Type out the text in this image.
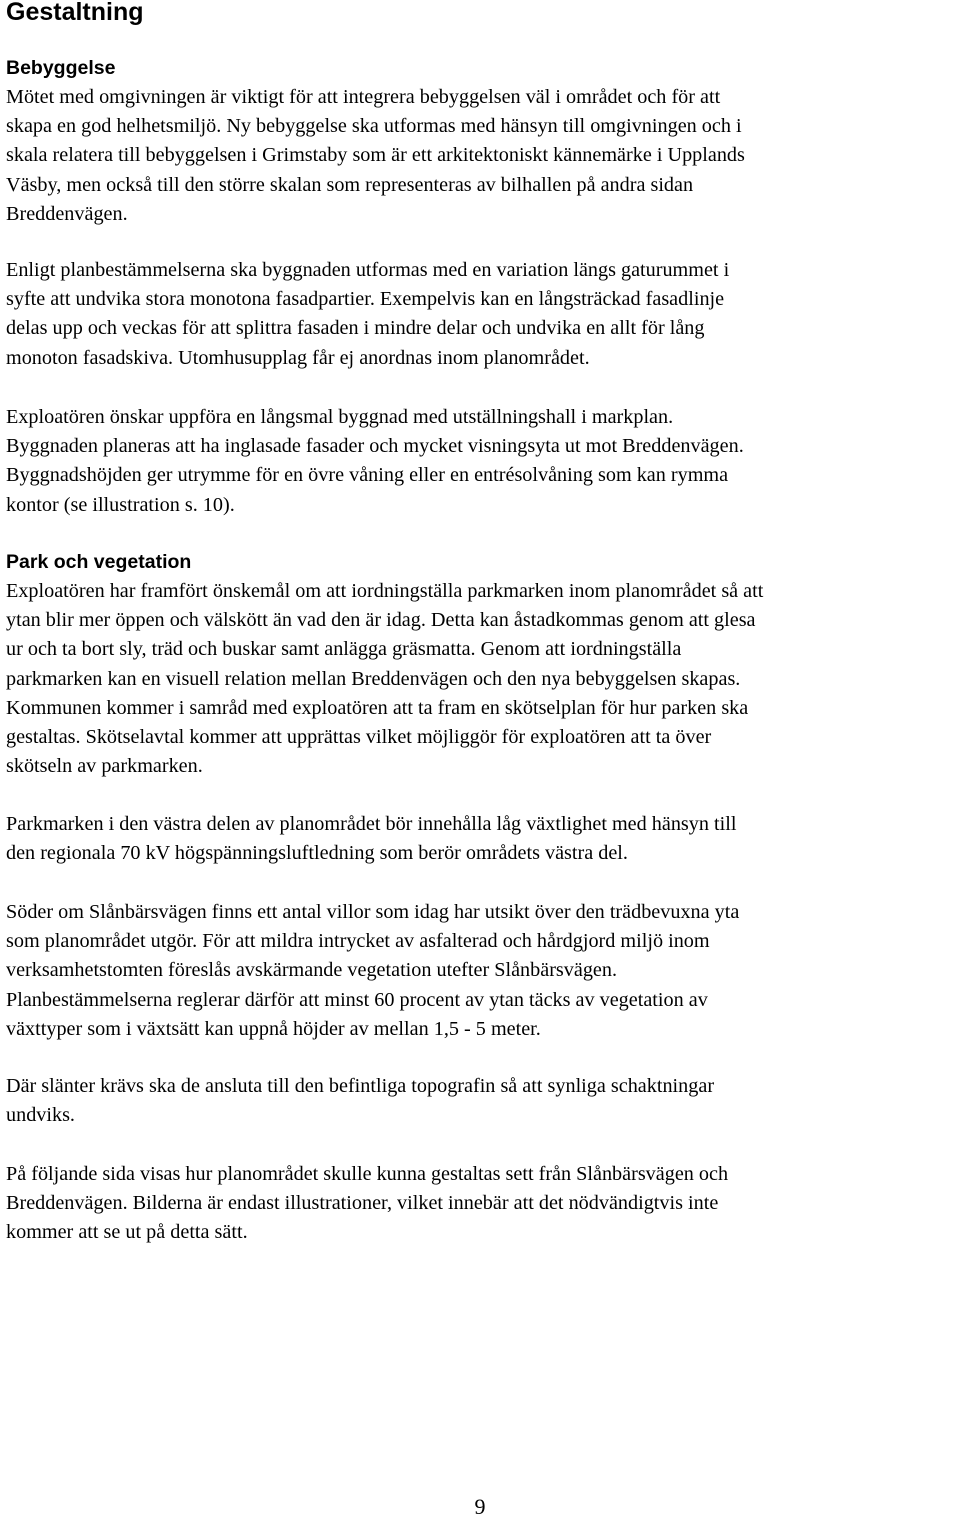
Gestaltning
Bebyggelse

Mötet med omgivningen är viktigt för att integrera bebyggelsen väl i området och för att
skapa en god helhetsmiljö. Ny bebyggelse ska utformas med hänsyn till omgivningen och i
skala relatera till bebyggelsen i Grimstaby som är ett arkitektoniskt kännemärke i Upplands
Väsby, men också till den större skalan som representeras av bilhallen på andra sidan
Breddenvägen.

Enligt planbestämmelserna ska byggnaden utformas med en variation längs gaturummet i
syfte att undvika stora monotona fasadpartier. Exempelvis kan en långsträckad fasadlinje
delas upp och veckas för att splittra fasaden i mindre delar och undvika en allt för lång
monoton fasadskiva. Utomhusupplag får ej anordnas inom planområdet.

Exploatören önskar uppföra en långsmal byggnad med utställningshall i markplan.
Byggnaden planeras att ha inglasade fasader och mycket visningsyta ut mot Breddenvägen.
Byggnadshöjden ger utrymme för en övre våning eller en entrésolvåning som kan rymma
kontor (se illustration s. 10).

Park och vegetation

Exploatören har framfört önskemål om att iordningställa parkmarken inom planområdet så att
ytan blir mer öppen och välskött än vad den är idag. Detta kan åstadkommas genom att glesa
ur och ta bort sly, träd och buskar samt anlägga gräsmatta. Genom att iordningställa
parkmarken kan en visuell relation mellan Breddenvägen och den nya bebyggelsen skapas.
Kommunen kommer i samråd med exploatören att ta fram en skötselplan för hur parken ska
gestaltas. Skötselavtal kommer att upprättas vilket möjliggör för exploatören att ta över
skötseln av parkmarken.

Parkmarken i den västra delen av planområdet bör innehålla låg växtlighet med hänsyn till
den regionala 70 kV högspänningsluftledning som berör områdets västra del.

Söder om Slånbärsvägen finns ett antal villor som idag har utsikt över den trädbevuxna yta
som planområdet utgör. För att mildra intrycket av asfalterad och hårdgjord miljö inom
verksamhetstomten föreslås avskärmande vegetation utefter Slånbärsvägen.
Planbestämmelserna reglerar därför att minst 60 procent av ytan täcks av vegetation av
växttyper som i växtsätt kan uppnå höjder av mellan 1,5 - 5 meter.

Där slänter krävs ska de ansluta till den befintliga topografin så att synliga schaktningar
undviks.

På följande sida visas hur planområdet skulle kunna gestaltas sett från Slånbärsvägen och
Breddenvägen. Bilderna är endast illustrationer, vilket innebär att det nödvändigtvis inte
kommer att se ut på detta sätt.

9
